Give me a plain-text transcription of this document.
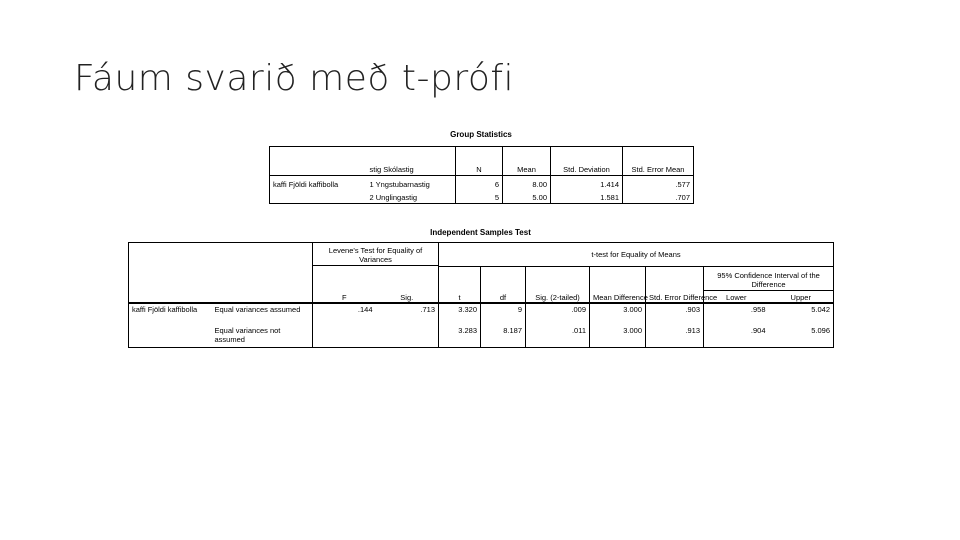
Fáum svarið með t-prófi
Group Statistics
	stig Skólastig	N	Mean	Std. Deviation	Std. Error Mean
kaffi Fjöldi kaffibolla	1 Yngstubarnastig	6	8.00	1.414	.577
	2 Unglingastig	5	5.00	1.581	.707
Independent Samples Test
	Levene's Test for Equality of Variances	t-test for Equality of Means					

							95% Confidence Interval of the Difference

		F	Sig.	t	df	Sig. (2-tailed)	Mean Difference	Std. Error Difference	Lower	Upper
kaffi Fjöldi kaffibolla	Equal variances assumed	.144	.713	3.320	9	.009	3.000	.903	.958	5.042
	Equal variances not assumed			3.283	8.187	.011	3.000	.913	.904	5.096
